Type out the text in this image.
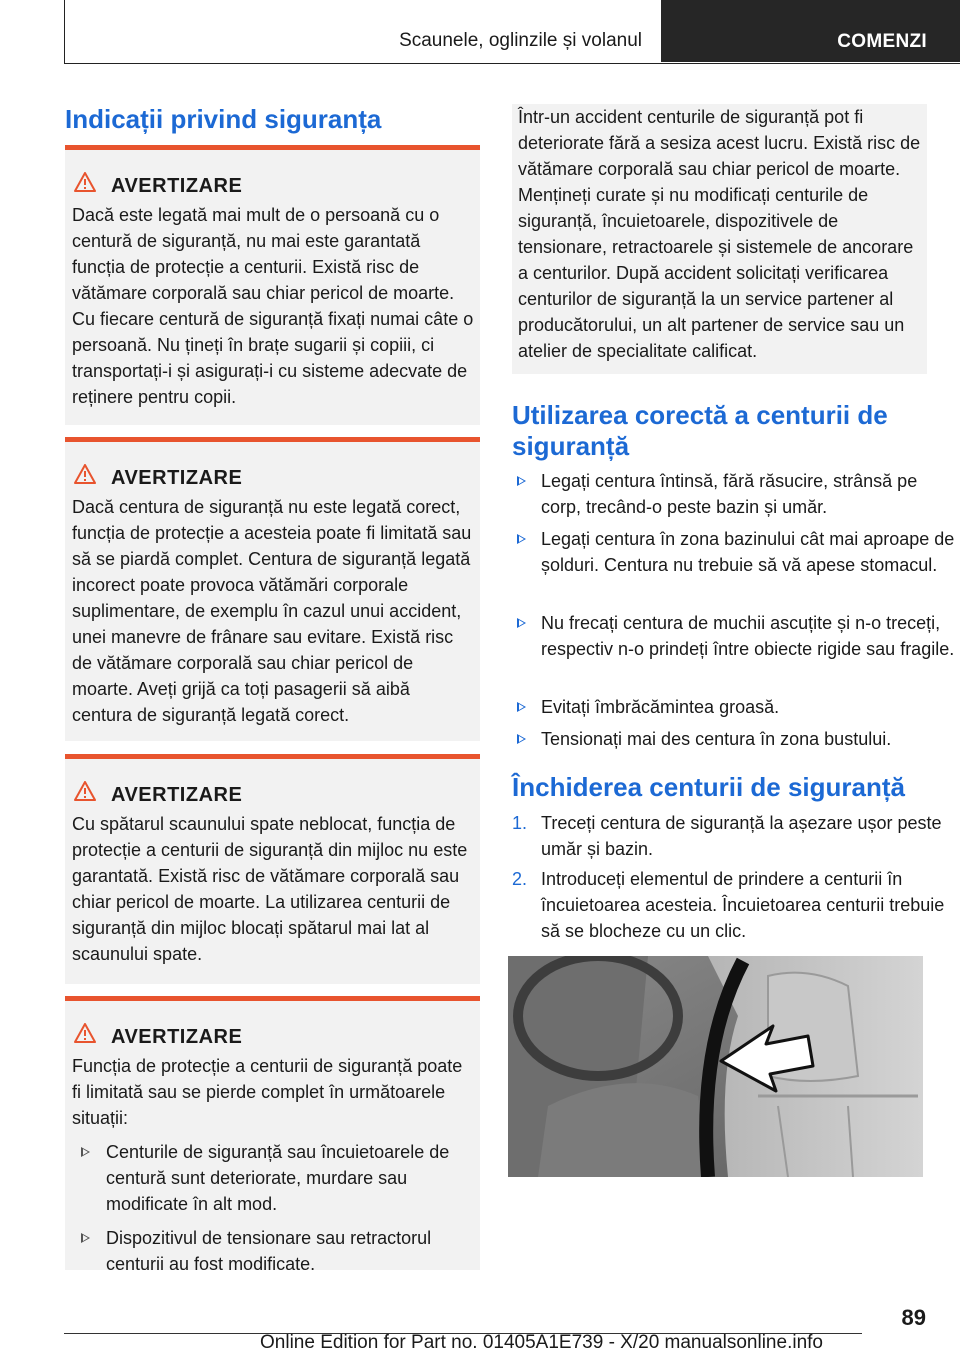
Scaunele, oglinzile și volanul	COMENZI
Indicații privind siguranța
AVERTIZARE

Dacă este legată mai mult de o persoană cu o centură de siguranță, nu mai este garantată funcția de protecție a centurii. Există risc de vătămare corporală sau chiar pericol de moarte. Cu fiecare centură de siguranță fixați numai câte o persoană. Nu țineți în brațe sugarii și copiii, ci transportați-i și asigurați-i cu sisteme adecvate de reținere pentru copii.

AVERTIZARE

Dacă centura de siguranță nu este legată corect, funcția de protecție a acesteia poate fi limitată sau să se piardă complet. Centura de siguranță legată incorect poate provoca vătămări corporale suplimentare, de exemplu în cazul unui accident, unei manevre de frânare sau evitare. Există risc de vătămare corporală sau chiar pericol de moarte. Aveți grijă ca toți pasagerii să aibă centura de siguranță legată corect.

AVERTIZARE

Cu spătarul scaunului spate neblocat, funcția de protecție a centurii de siguranță din mijloc nu este garantată. Există risc de vătămare corporală sau chiar pericol de moarte. La utilizarea centurii de siguranță din mijloc blocați spătarul mai lat al scaunului spate.

AVERTIZARE

Funcția de protecție a centurii de siguranță poate fi limitată sau se pierde complet în următoarele situații:

Centurile de siguranță sau încuietoarele de centură sunt deteriorate, murdare sau modificate în alt mod.

Dispozitivul de tensionare sau retractorul centurii au fost modificate.

Într-un accident centurile de siguranță pot fi deteriorate fără a sesiza acest lucru. Există risc de vătămare corporală sau chiar pericol de moarte. Mențineți curate și nu modificați centurile de siguranță, încuietoarele, dispozitivele de tensionare, retractoarele și sistemele de ancorare a centurilor. După accident solicitați verificarea centurilor de siguranță la un service partener al producătorului, un alt partener de service sau un atelier de specialitate calificat.

Utilizarea corectă a centurii de siguranță

Legați centura întinsă, fără răsucire, strânsă pe corp, trecând-o peste bazin și umăr.

Legați centura în zona bazinului cât mai aproape de șolduri. Centura nu trebuie să vă apese stomacul.

Nu frecați centura de muchii ascuțite și n-o treceți, respectiv n-o prindeți între obiecte rigide sau fragile.

Evitați îmbrăcămintea groasă.

Tensionați mai des centura în zona bustului.

Închiderea centurii de siguranță

1. Treceți centura de siguranță la așezare ușor peste umăr și bazin.

2. Introduceți elementul de prindere a centurii în încuietoarea acesteia. Încuietoarea centurii trebuie să se blocheze cu un clic.

89
Online Edition for Part no. 01405A1E739 - X/20 manualsonline.info
